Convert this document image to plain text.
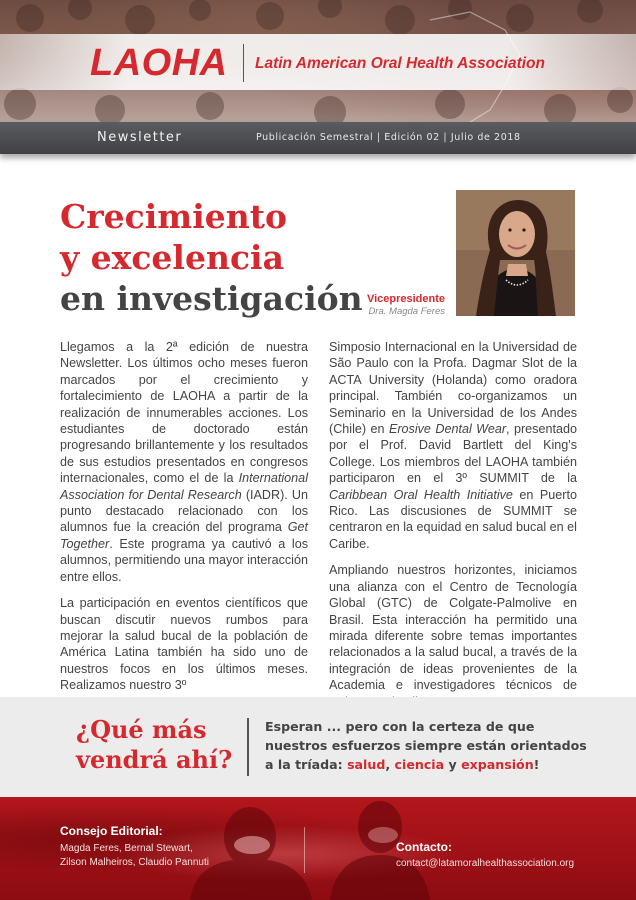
LAOHA Latin American Oral Health Association
Newsletter	Publicación Semestral | Edición 02 | Julio de 2018
Crecimiento
y excelencia
en investigación Vicepresidente
Dra. Magda Feres

Llegamos a la 2ª edición de nuestra Newsletter. Los últimos ocho meses fueron marcados por el crecimiento y fortalecimiento de LAOHA a partir de la realización de innumerables acciones. Los estudiantes de doctorado están progresando brillantemente y los resultados de sus estudios presentados en congresos internacionales, como el de la International Association for Dental Research (IADR). Un punto destacado relacionado con los alumnos fue la creación del programa Get Together. Este programa ya cautivó a los alumnos, permitiendo una mayor interacción entre ellos.

La participación en eventos científicos que buscan discutir nuevos rumbos para mejorar la salud bucal de la población de América Latina también ha sido uno de nuestros focos en los últimos meses. Realizamos nuestro 3º

Simposio Internacional en la Universidad de São Paulo con la Profa. Dagmar Slot de la ACTA University (Holanda) como oradora principal. También co-organizamos un Seminario en la Universidad de los Andes (Chile) en Erosive Dental Wear, presentado por el Prof. David Bartlett del King's College. Los miembros del LAOHA también participaron en el 3º SUMMIT de la Caribbean Oral Health Initiative en Puerto Rico. Las discusiones de SUMMIT se centraron en la equidad en salud bucal en el Caribe.

Ampliando nuestros horizontes, iniciamos una alianza con el Centro de Tecnología Global (GTC) de Colgate-Palmolive en Brasil. Esta interacción ha permitido una mirada diferente sobre temas importantes relacionados a la salud bucal, a través de la integración de ideas provenientes de la Academia e investigadores técnicos de

¿Qué más
vendrá ahí?
Esperan ... pero con la certeza de que nuestros esfuerzos siempre están orientados a la tríada: salud, ciencia y expansión!
Consejo Editorial:
Magda Feres, Bernal Stewart,
Zilson Malheiros, Claudio Pannuti
Contacto:
contact@latamoralhealthassociation.org
